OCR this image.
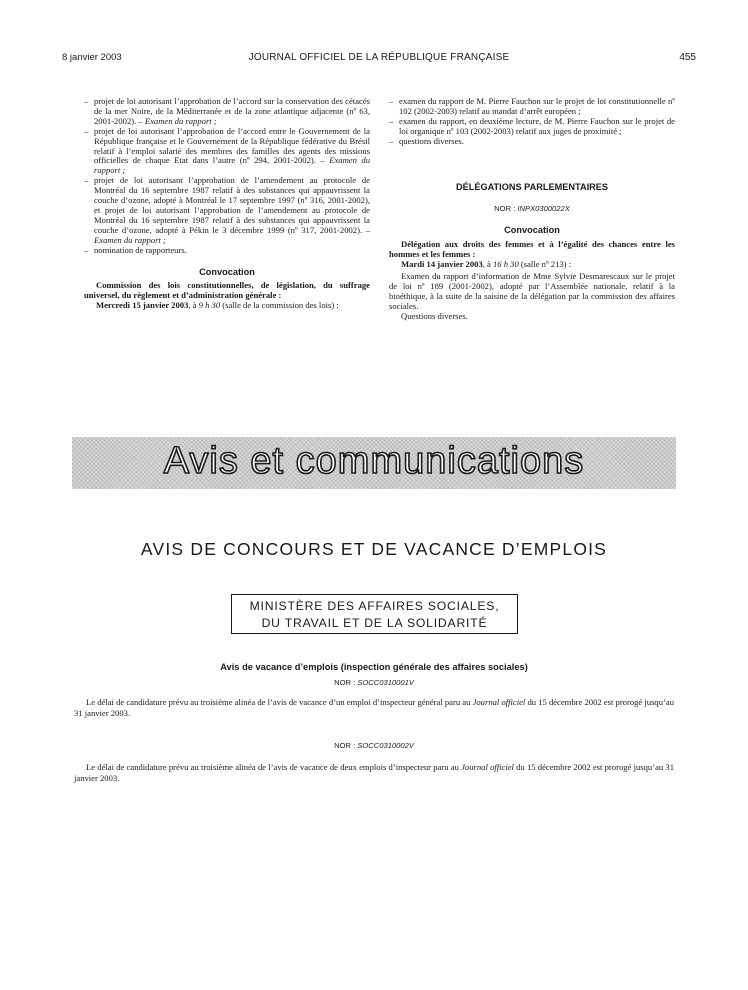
8 janvier 2003	JOURNAL OFFICIEL DE LA RÉPUBLIQUE FRANÇAISE	455
– projet de loi autorisant l’approbation de l’accord sur la conservation des cétacés de la mer Noire, de la Méditerranée et de la zone atlantique adjacente (nº 63, 2001-2002). – Examen du rapport ;
– projet de loi autorisant l’approbation de l’accord entre le Gouvernement de la République française et le Gouvernement de la République fédérative du Brésil relatif à l’emploi salarié des membres des familles des agents des missions officielles de chaque Etat dans l’autre (nº 294, 2001-2002). – Examen du rapport ;
– projet de loi autorisant l’approbation de l’amendement au protocole de Montréal du 16 septembre 1987 relatif à des substances qui appauvrissent la couche d’ozone, adopté à Montréal le 17 septembre 1997 (nº 316, 2001-2002), et projet de loi autorisant l’approbation de l’amendement au protocole de Montréal du 16 septembre 1987 relatif à des substances qui appauvrissent la couche d’ozone, adopté à Pékin le 3 décembre 1999 (nº 317, 2001-2002). – Examen du rapport ;
– nomination de rapporteurs.
Convocation

Commission des lois constitutionnelles, de législation, du suffrage universel, du règlement et d’administration générale :

Mercredi 15 janvier 2003, à 9 h 30 (salle de la commission des lois) :

– examen du rapport de M. Pierre Fauchon sur le projet de loi constitutionnelle nº 102 (2002-2003) relatif au mandat d’arrêt européen ;
– examen du rapport, en deuxième lecture, de M. Pierre Fauchon sur le projet de loi organique nº 103 (2002-2003) relatif aux juges de proximité ;
– questions diverses.
DÉLÉGATIONS PARLEMENTAIRES
NOR : INPX0300022X
Convocation

Délégation aux droits des femmes et à l’égalité des chances entre les hommes et les femmes :

Mardi 14 janvier 2003, à 16 h 30 (salle nº 213) :

Examen du rapport d’information de Mme Sylvie Desmarescaux sur le projet de loi nº 189 (2001-2002), adopté par l’Assemblée nationale, relatif à la bioéthique, à la suite de la saisine de la délégation par la commission des affaires sociales.

Questions diverses.

Avis et communications
AVIS DE CONCOURS ET DE VACANCE D’EMPLOIS
MINISTÈRE DES AFFAIRES SOCIALES,
DU TRAVAIL ET DE LA SOLIDARITÉ
Avis de vacance d’emplois (inspection générale des affaires sociales)
NOR : SOCC0310001V

Le délai de candidature prévu au troisième alinéa de l’avis de vacance d’un emploi d’inspecteur général paru au Journal officiel du 15 décembre 2002 est prorogé jusqu’au 31 janvier 2003.

NOR : SOCC0310002V

Le délai de candidature prévu au troisième alinéa de l’avis de vacance de deux emplois d’inspecteur paru au Journal officiel du 15 décembre 2002 est prorogé jusqu’au 31 janvier 2003.
